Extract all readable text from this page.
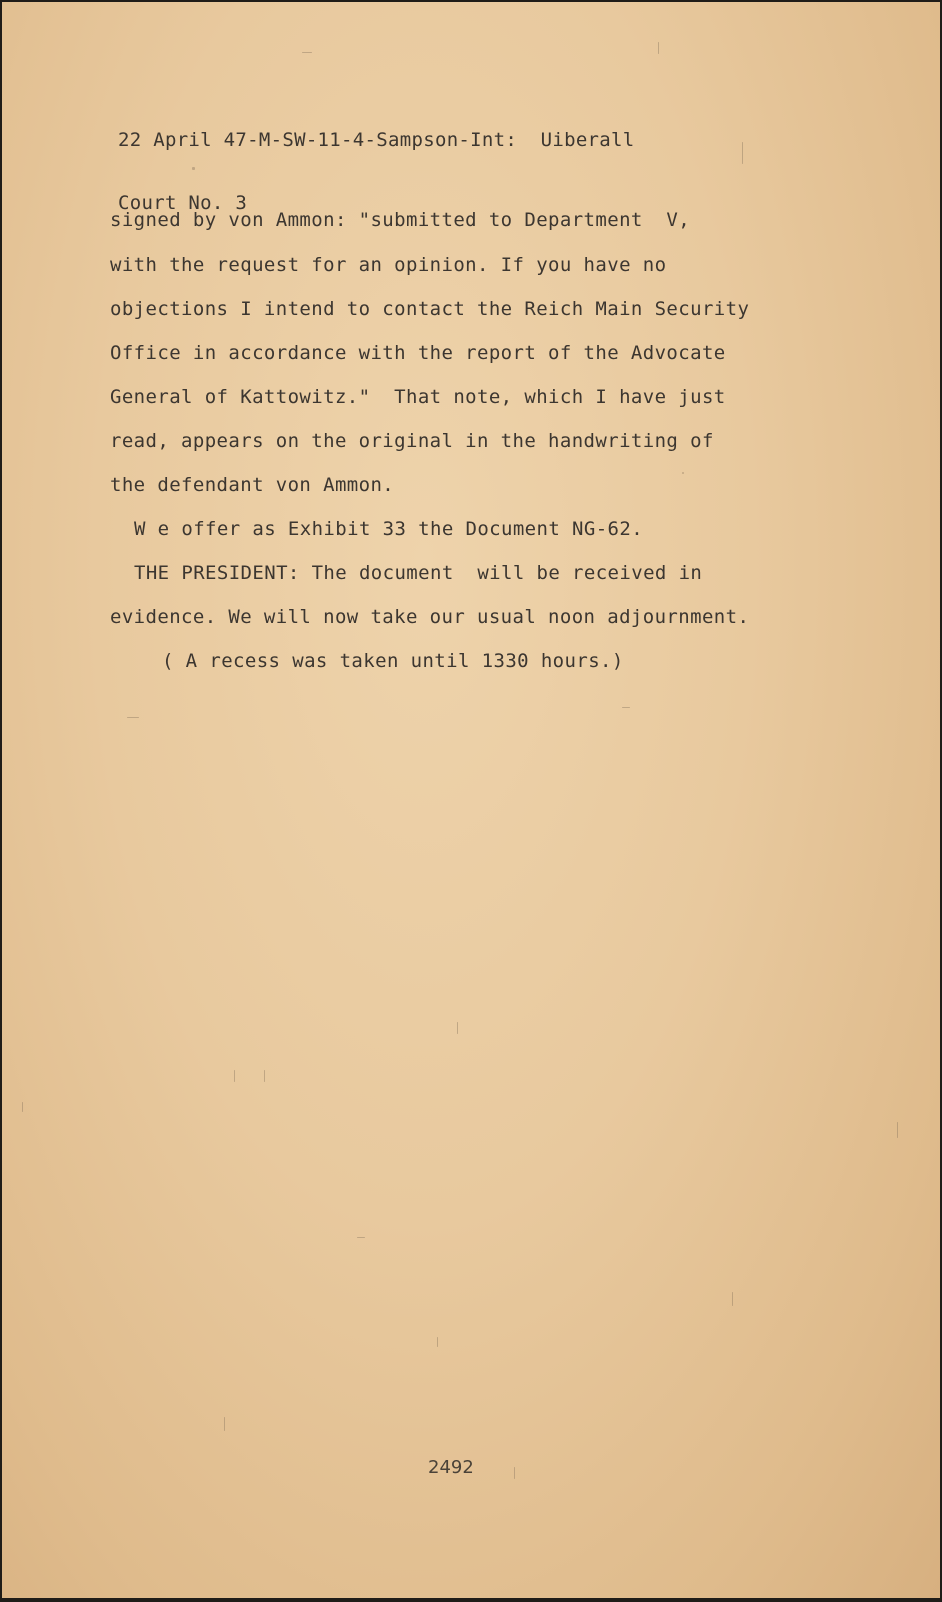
22 April 47-M-SW-11-4-Sampson-Int:  Uiberall

Court No. 3

signed by von Ammon: "submitted to Department  V,
with the request for an opinion. If you have no
objections I intend to contact the Reich Main Security
Office in accordance with the report of the Advocate
General of Kattowitz."  That note, which I have just
read, appears on the original in the handwriting of
the defendant von Ammon.
W e offer as Exhibit 33 the Document NG-62.
THE PRESIDENT: The document  will be received in
evidence. We will now take our usual noon adjournment.
( A recess was taken until 1330 hours.)
2492
